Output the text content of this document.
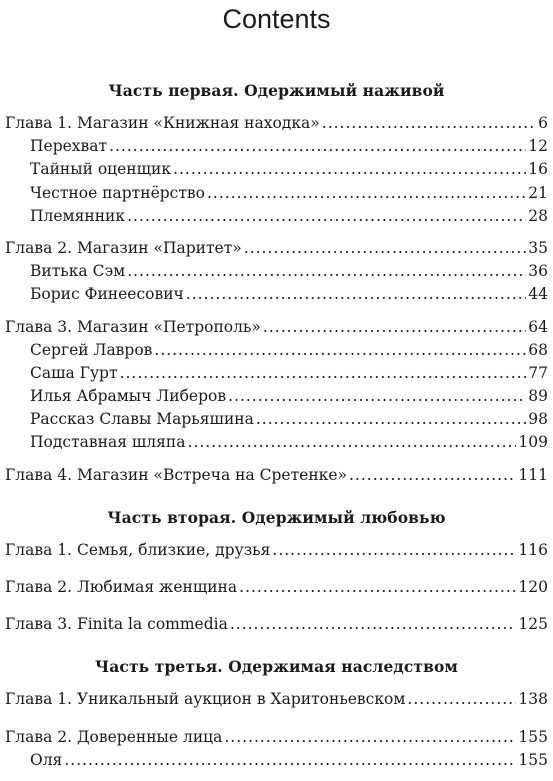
Contents
Часть первая. Одержимый наживой
Глава 1. Магазин «Книжная находка» .....	6
Перехват .....	12
Тайный оценщик .....	16
Честное партнёрство .....	21
Племянник .....	28
Глава 2. Магазин «Паритет» .....	35
Витька Сэм .....	36
Борис Финеесович .....	44
Глава 3. Магазин «Петрополь» .....	64
Сергей Лавров .....	68
Саша Гурт .....	77
Илья Абрамыч Либеров .....	89
Рассказ Славы Марьяшина .....	98
Подставная шляпа .....	109
Глава 4. Магазин «Встреча на Сретенке» .....	111
Часть вторая. Одержимый любовью
Глава 1. Семья, близкие, друзья .....	116
Глава 2. Любимая женщина .....	120
Глава 3. Finita la commedia .....	125
Часть третья. Одержимая наследством
Глава 1. Уникальный аукцион в Харитоньевском .....	138
Глава 2. Доверенные лица .....	155
Оля .....	155
